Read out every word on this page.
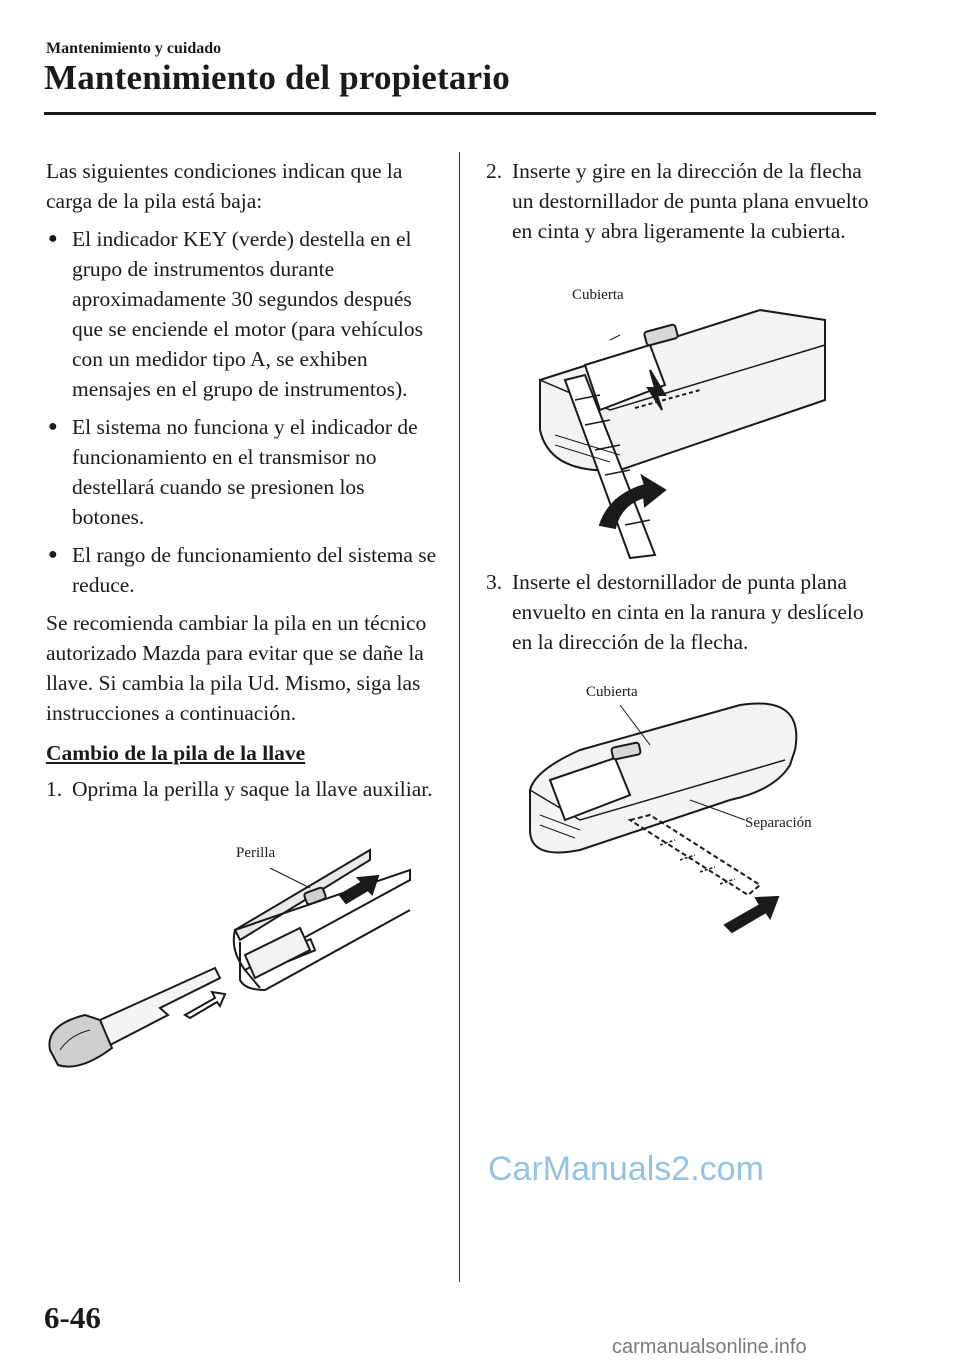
Mantenimiento y cuidado
Mantenimiento del propietario

Las siguientes condiciones indican que la carga de la pila está baja:

● El indicador KEY (verde) destella en el grupo de instrumentos durante aproximadamente 30 segundos después que se enciende el motor (para vehículos con un medidor tipo A, se exhiben mensajes en el grupo de instrumentos).
● El sistema no funciona y el indicador de funcionamiento en el transmisor no destellará cuando se presionen los botones.
● El rango de funcionamiento del sistema se reduce.

Se recomienda cambiar la pila en un técnico autorizado Mazda para evitar que se dañe la llave. Si cambia la pila Ud. Mismo, siga las instrucciones a continuación.

Cambio de la pila de la llave

1. Oprima la perilla y saque la llave auxiliar.
Perilla
2. Inserte y gire en la dirección de la flecha un destornillador de punta plana envuelto en cinta y abra ligeramente la cubierta.
Cubierta
3. Inserte el destornillador de punta plana envuelto en cinta en la ranura y deslícelo en la dirección de la flecha.
Cubierta
Separación
CarManuals2.com
6-46
carmanualsonline.info
